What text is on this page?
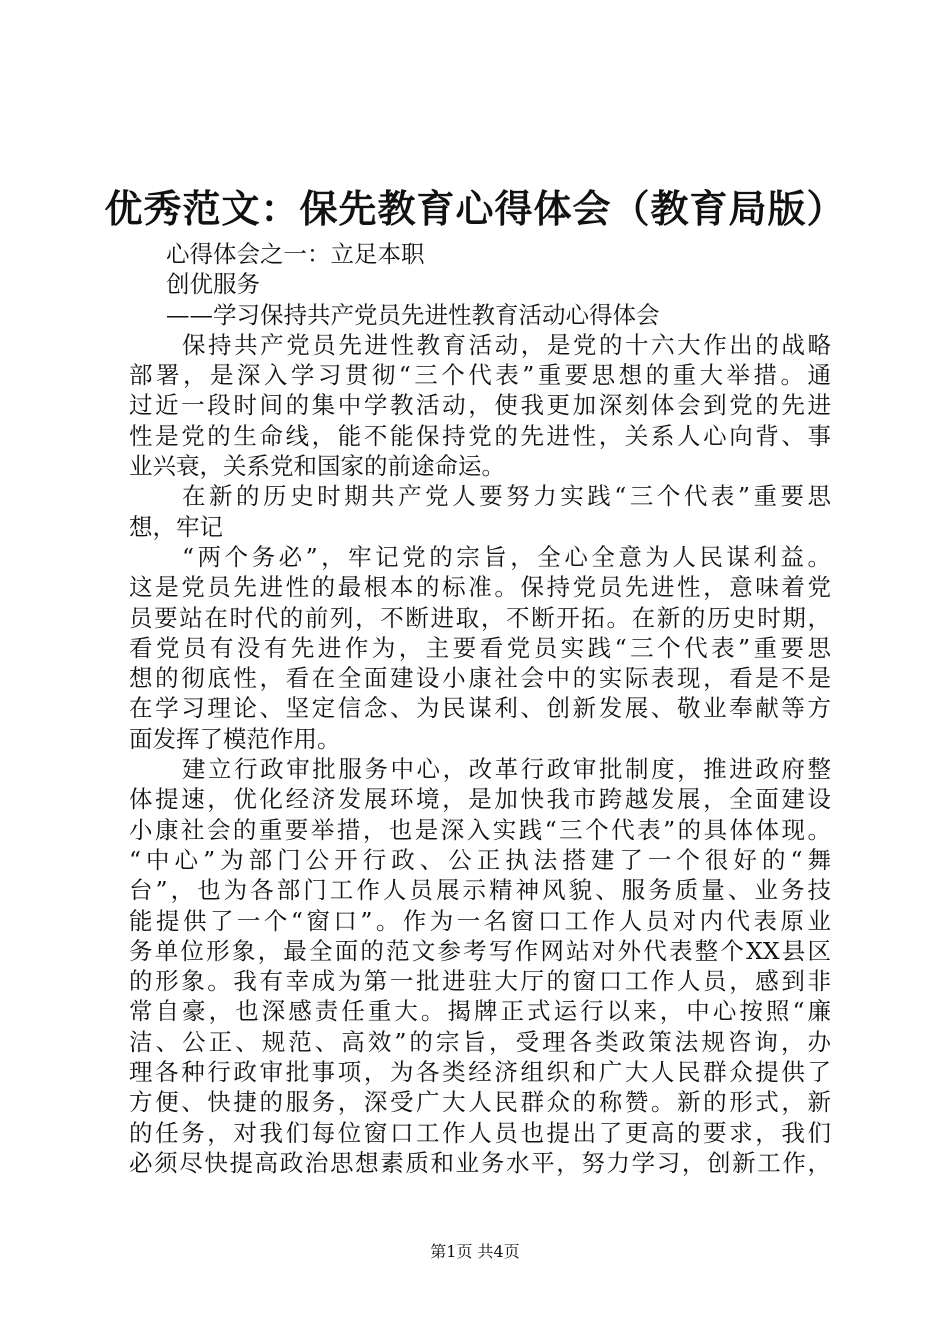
优秀范文：保先教育心得体会（教育局版）
心得体会之一：立足本职
创优服务
——学习保持共产党员先进性教育活动心得体会
保持共产党员先进性教育活动，是党的十六大作出的战略
部署，是深入学习贯彻“三个代表”重要思想的重大举措。通
过近一段时间的集中学教活动，使我更加深刻体会到党的先进
性是党的生命线，能不能保持党的先进性，关系人心向背、事
业兴衰，关系党和国家的前途命运。
在新的历史时期共产党人要努力实践“三个代表”重要思
想，牢记
“两个务必”，牢记党的宗旨，全心全意为人民谋利益。
这是党员先进性的最根本的标准。保持党员先进性，意味着党
员要站在时代的前列，不断进取，不断开拓。在新的历史时期，
看党员有没有先进作为，主要看党员实践“三个代表”重要思
想的彻底性，看在全面建设小康社会中的实际表现，看是不是
在学习理论、坚定信念、为民谋利、创新发展、敬业奉献等方
面发挥了模范作用。
建立行政审批服务中心，改革行政审批制度，推进政府整
体提速，优化经济发展环境，是加快我市跨越发展，全面建设
小康社会的重要举措，也是深入实践“三个代表”的具体体现。
“中心”为部门公开行政、公正执法搭建了一个很好的“舞
台”，也为各部门工作人员展示精神风貌、服务质量、业务技
能提供了一个“窗口”。作为一名窗口工作人员对内代表原业
务单位形象，最全面的范文参考写作网站对外代表整个XX县区
的形象。我有幸成为第一批进驻大厅的窗口工作人员，感到非
常自豪，也深感责任重大。揭牌正式运行以来，中心按照“廉
洁、公正、规范、高效”的宗旨，受理各类政策法规咨询，办
理各种行政审批事项，为各类经济组织和广大人民群众提供了
方便、快捷的服务，深受广大人民群众的称赞。新的形式，新
的任务，对我们每位窗口工作人员也提出了更高的要求，我们
必须尽快提高政治思想素质和业务水平，努力学习，创新工作，
第1页 共4页
